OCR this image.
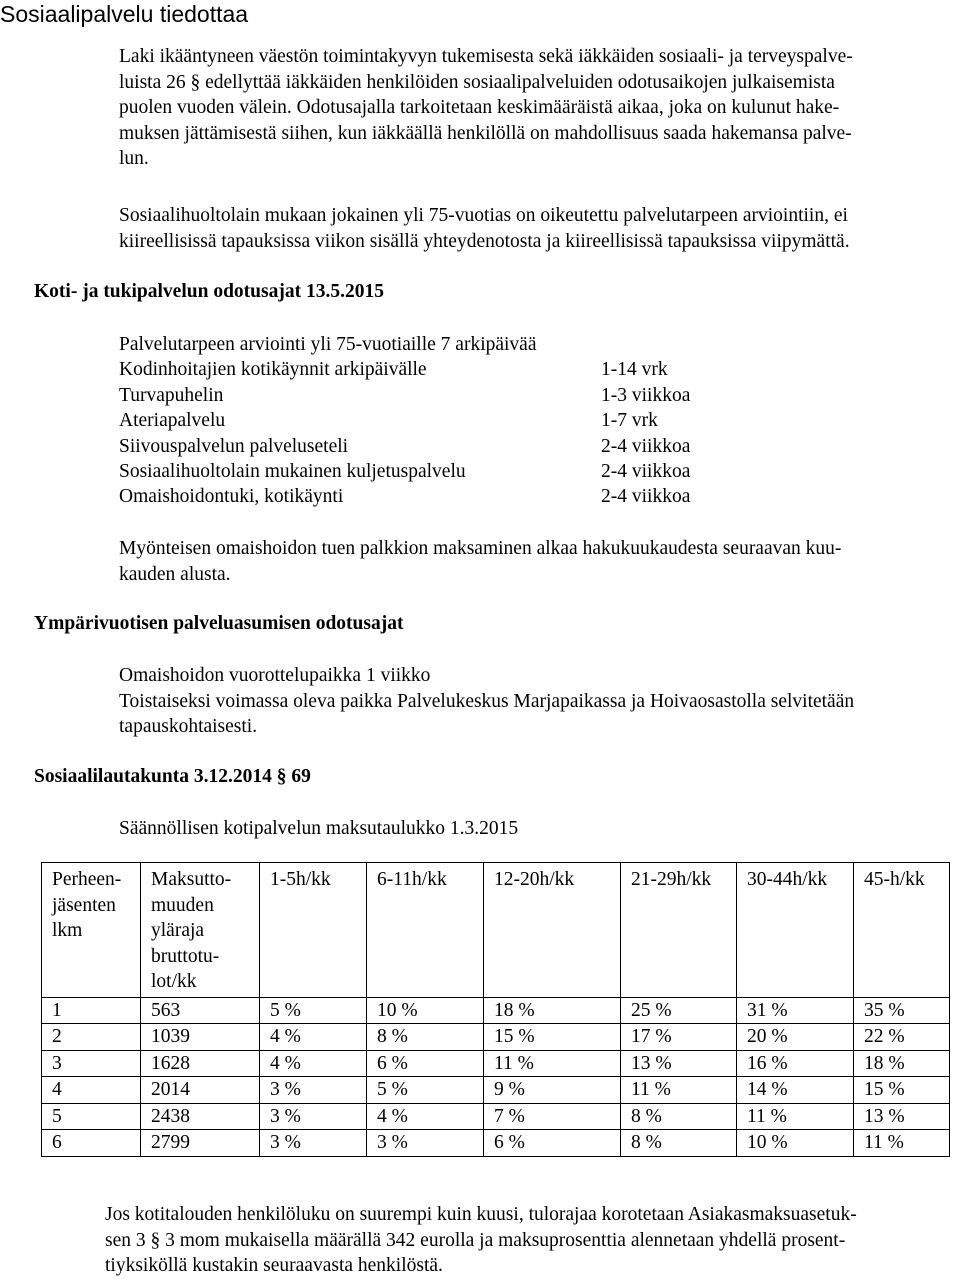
Sosiaalipalvelu tiedottaa
Laki ikääntyneen väestön toimintakyvyn tukemisesta sekä iäkkäiden sosiaali- ja terveyspalve-
luista 26 § edellyttää iäkkäiden henkilöiden sosiaalipalveluiden odotusaikojen julkaisemista
puolen vuoden välein. Odotusajalla tarkoitetaan keskimääräistä aikaa, joka on kulunut hake-
muksen jättämisestä siihen, kun iäkkäällä henkilöllä on mahdollisuus saada hakemansa palve-
lun.
Sosiaalihuoltolain mukaan jokainen yli 75-vuotias on oikeutettu palvelutarpeen arviointiin, ei
kiireellisissä tapauksissa viikon sisällä yhteydenotosta ja kiireellisissä tapauksissa viipymättä.
Koti- ja tukipalvelun odotusajat 13.5.2015
Palvelutarpeen arviointi yli 75-vuotiaille 7 arkipäivää
Kodinhoitajien kotikäynnit arkipäivälle	1-14 vrk
Turvapuhelin	1-3 viikkoa
Ateriapalvelu	1-7 vrk
Siivouspalvelun palveluseteli	2-4 viikkoa
Sosiaalihuoltolain mukainen kuljetuspalvelu	2-4 viikkoa
Omaishoidontuki, kotikäynti	2-4 viikkoa
Myönteisen omaishoidon tuen palkkion maksaminen alkaa hakukuukaudesta seuraavan kuu-
kauden alusta.
Ympärivuotisen palveluasumisen odotusajat
Omaishoidon vuorottelupaikka 1 viikko
Toistaiseksi voimassa oleva paikka Palvelukeskus Marjapaikassa ja Hoivaosastolla selvitetään
tapauskohtaisesti.
Sosiaalilautakunta 3.12.2014 § 69
Säännöllisen kotipalvelun maksutaulukko 1.3.2015
Perheen-
jäsenten
lkm	Maksutto-
muuden
yläraja
bruttotu-
lot/kk	1-5h/kk	6-11h/kk	12-20h/kk	21-29h/kk	30-44h/kk	45-h/kk
1	563	5 %	10 %	18 %	25 %	31 %	35 %
2	1039	4 %	8 %	15 %	17 %	20 %	22 %
3	1628	4 %	6 %	11 %	13 %	16 %	18 %
4	2014	3 %	5 %	9 %	11 %	14 %	15 %
5	2438	3 %	4 %	7 %	8 %	11 %	13 %
6	2799	3 %	3 %	6 %	8 %	10 %	11 %
Jos kotitalouden henkilöluku on suurempi kuin kuusi, tulorajaa korotetaan Asiakasmaksuasetuk-
sen 3 § 3 mom mukaisella määrällä 342 eurolla ja maksuprosenttia alennetaan yhdellä prosent-
tiyksiköllä kustakin seuraavasta henkilöstä.
